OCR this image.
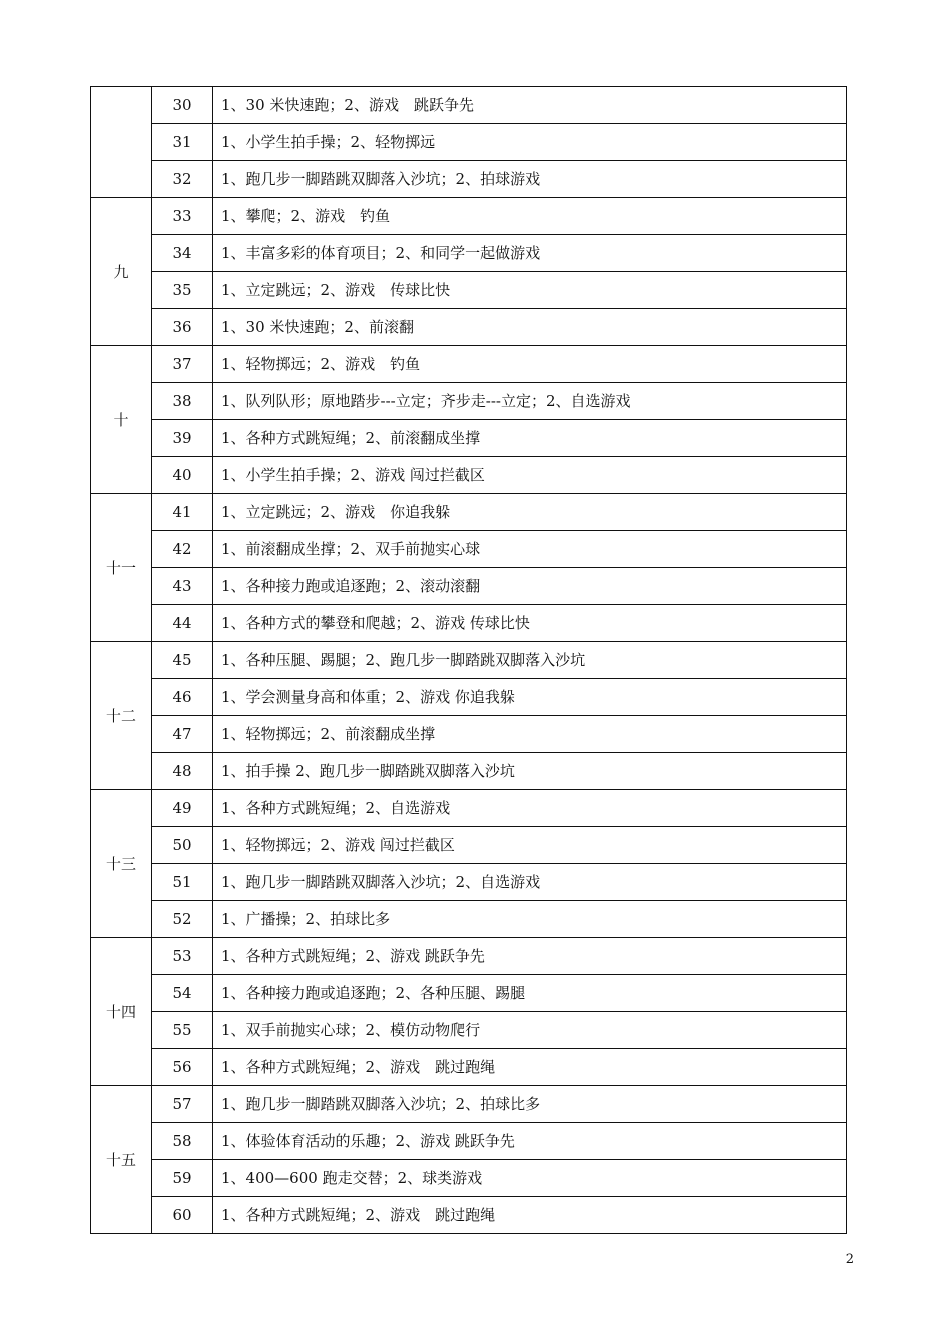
	30	1、30 米快速跑；2、游戏　跳跃争先
	31	1、小学生拍手操；2、轻物掷远
	32	1、跑几步一脚踏跳双脚落入沙坑；2、拍球游戏
九	33	1、攀爬；2、游戏　钓鱼
	34	1、丰富多彩的体育项目；2、和同学一起做游戏
	35	1、立定跳远；2、游戏　传球比快
	36	1、30 米快速跑；2、前滚翻
十	37	1、轻物掷远；2、游戏　钓鱼
	38	1、队列队形；原地踏步---立定；齐步走---立定；2、自选游戏
	39	1、各种方式跳短绳；2、前滚翻成坐撑
	40	1、小学生拍手操；2、游戏 闯过拦截区
十一	41	1、立定跳远；2、游戏　你追我躲
	42	1、前滚翻成坐撑；2、双手前抛实心球
	43	1、各种接力跑或追逐跑；2、滚动滚翻
	44	1、各种方式的攀登和爬越；2、游戏 传球比快
十二	45	1、各种压腿、踢腿；2、跑几步一脚踏跳双脚落入沙坑
	46	1、学会测量身高和体重；2、游戏 你追我躲
	47	1、轻物掷远；2、前滚翻成坐撑
	48	1、拍手操 2、跑几步一脚踏跳双脚落入沙坑
十三	49	1、各种方式跳短绳；2、自选游戏
	50	1、轻物掷远；2、游戏 闯过拦截区
	51	1、跑几步一脚踏跳双脚落入沙坑；2、自选游戏
	52	1、广播操；2、拍球比多
十四	53	1、各种方式跳短绳；2、游戏 跳跃争先
	54	1、各种接力跑或追逐跑；2、各种压腿、踢腿
	55	1、双手前抛实心球；2、模仿动物爬行
	56	1、各种方式跳短绳；2、游戏　跳过跑绳
十五	57	1、跑几步一脚踏跳双脚落入沙坑；2、拍球比多
	58	1、体验体育活动的乐趣；2、游戏 跳跃争先
	59	1、400—600 跑走交替；2、球类游戏
	60	1、各种方式跳短绳；2、游戏　跳过跑绳
2
